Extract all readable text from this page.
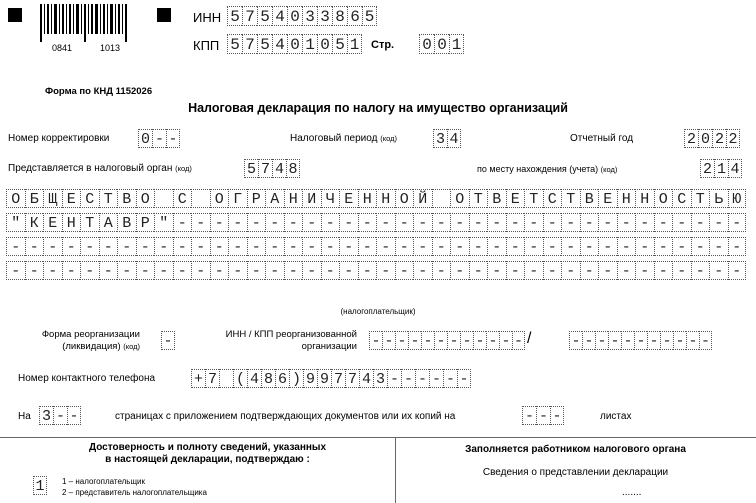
0841	1013
ИНН 5 7 5 4 0 3 3 8 6 5
КПП 5 7 5 4 0 1 0 5 1 Стр. 0 0 1
Форма по КНД 1152026
Налоговая декларация по налогу на имущество организаций
Номер корректировки 0 - -	Налоговый период (код)	3 4	Отчетный год	2 0 2 2
Представляется в налоговый орган (код)	5 7 4 8	по месту нахождения (учета) (код)	2 1 4
О Б Щ Е С Т В О	С	О Г Р А Н И Ч Е Н Н О Й	О Т В Е Т С Т В Е Н Н О С Т Ь Ю
" К Е Н Т А В Р " - - - - - - - - - - - - - - - - - - - - - - - - - - - - - - -
- - - - - - - - - - - - - - - - - - - - - - - - - - - - - - - - - - - - - - - -
- - - - - - - - - - - - - - - - - - - - - - - - - - - - - - - - - - - - - - - -
(налогоплательщик)
Форма реорганизации
(ликвидация) (код) -	ИНН / КПП реорганизованной
организации - - - - - - - - - - - - /	- - - - - - - - - - -
Номер контактного телефона	+ 7 ( 4 8 6 ) 9 9 7 7 4 3 - - - - - -
На 3 - -	страницах с приложением подтверждающих документов или их копий на	- - -	листах
Достоверность и полноту сведений, указанных
в настоящей декларации, подтверждаю :
1	1 – налогоплательщик
2 – представитель налогоплательщика
Заполняется работником налогового органа
Сведения о представлении декларации
.......
